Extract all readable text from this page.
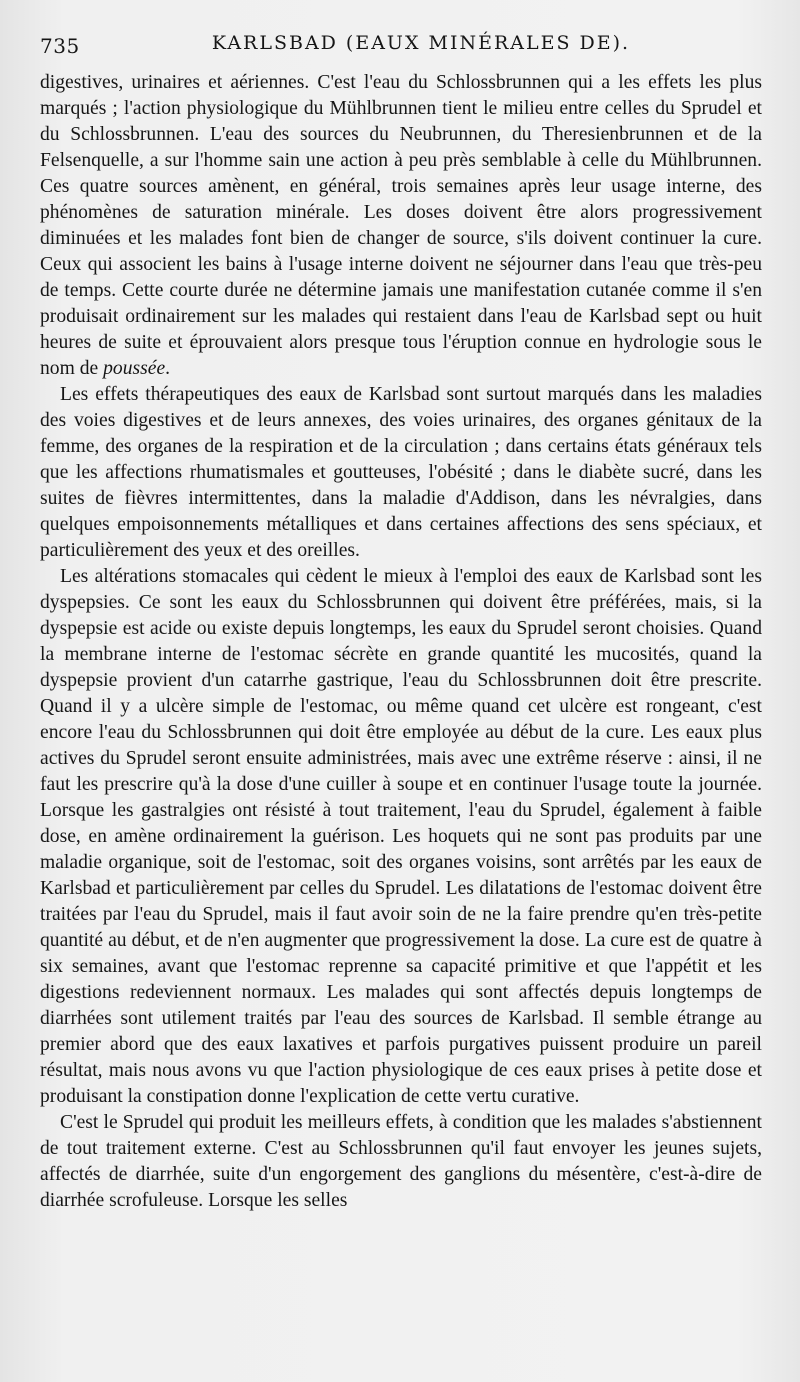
735	KARLSBAD (EAUX MINÉRALES DE).

digestives, urinaires et aériennes. C'est l'eau du Schlossbrunnen qui a les effets les plus marqués ; l'action physiologique du Mühlbrunnen tient le milieu entre celles du Sprudel et du Schlossbrunnen. L'eau des sources du Neubrunnen, du Theresienbrunnen et de la Felsenquelle, a sur l'homme sain une action à peu près semblable à celle du Mühlbrunnen. Ces quatre sources amènent, en général, trois semaines après leur usage interne, des phénomènes de saturation minérale. Les doses doivent être alors progressivement diminuées et les malades font bien de changer de source, s'ils doivent continuer la cure. Ceux qui associent les bains à l'usage interne doivent ne séjourner dans l'eau que très-peu de temps. Cette courte durée ne détermine jamais une manifestation cutanée comme il s'en produisait ordinairement sur les malades qui restaient dans l'eau de Karlsbad sept ou huit heures de suite et éprouvaient alors presque tous l'éruption connue en hydrologie sous le nom de poussée.

Les effets thérapeutiques des eaux de Karlsbad sont surtout marqués dans les maladies des voies digestives et de leurs annexes, des voies urinaires, des organes génitaux de la femme, des organes de la respiration et de la circulation ; dans certains états généraux tels que les affections rhumatismales et goutteuses, l'obésité ; dans le diabète sucré, dans les suites de fièvres intermittentes, dans la maladie d'Addison, dans les névralgies, dans quelques empoisonnements métalliques et dans certaines affections des sens spéciaux, et particulièrement des yeux et des oreilles.

Les altérations stomacales qui cèdent le mieux à l'emploi des eaux de Karlsbad sont les dyspepsies. Ce sont les eaux du Schlossbrunnen qui doivent être préférées, mais, si la dyspepsie est acide ou existe depuis longtemps, les eaux du Sprudel seront choisies. Quand la membrane interne de l'estomac sécrète en grande quantité les mucosités, quand la dyspepsie provient d'un catarrhe gastrique, l'eau du Schlossbrunnen doit être prescrite. Quand il y a ulcère simple de l'estomac, ou même quand cet ulcère est rongeant, c'est encore l'eau du Schlossbrunnen qui doit être employée au début de la cure. Les eaux plus actives du Sprudel seront ensuite administrées, mais avec une extrême réserve : ainsi, il ne faut les prescrire qu'à la dose d'une cuiller à soupe et en continuer l'usage toute la journée. Lorsque les gastralgies ont résisté à tout traitement, l'eau du Sprudel, également à faible dose, en amène ordinairement la guérison. Les hoquets qui ne sont pas produits par une maladie organique, soit de l'estomac, soit des organes voisins, sont arrêtés par les eaux de Karlsbad et particulièrement par celles du Sprudel. Les dilatations de l'estomac doivent être traitées par l'eau du Sprudel, mais il faut avoir soin de ne la faire prendre qu'en très-petite quantité au début, et de n'en augmenter que progressivement la dose. La cure est de quatre à six semaines, avant que l'estomac reprenne sa capacité primitive et que l'appétit et les digestions redeviennent normaux. Les malades qui sont affectés depuis longtemps de diarrhées sont utilement traités par l'eau des sources de Karlsbad. Il semble étrange au premier abord que des eaux laxatives et parfois purgatives puissent produire un pareil résultat, mais nous avons vu que l'action physiologique de ces eaux prises à petite dose et produisant la constipation donne l'explication de cette vertu curative.

C'est le Sprudel qui produit les meilleurs effets, à condition que les malades s'abstiennent de tout traitement externe. C'est au Schlossbrunnen qu'il faut envoyer les jeunes sujets, affectés de diarrhée, suite d'un engorgement des ganglions du mésentère, c'est-à-dire de diarrhée scrofuleuse. Lorsque les selles
